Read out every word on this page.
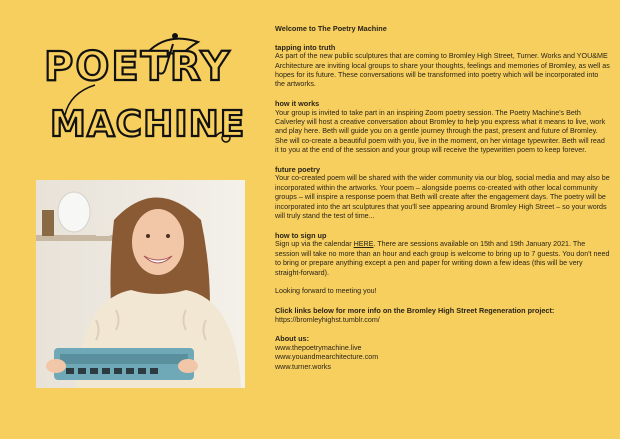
POETRY
MACHINE
Welcome to The Poetry Machine
tapping into truth

As part of the new public sculptures that are coming to Bromley High Street, Turner. Works and YOU&ME Architecture are inviting local groups to share your thoughts, feelings and memories of Bromley, as well as hopes for its future. These conversations will be transformed into poetry which will be incorporated into the artworks.

how it works

Your group is invited to take part in an inspiring Zoom poetry session. The Poetry Machine's Beth Calverley will host a creative conversation about Bromley to help you express what it means to live, work and play here. Beth will guide you on a gentle journey through the past, present and future of Bromley. She will co-create a beautiful poem with you, live in the moment, on her vintage typewriter. Beth will read it to you at the end of the session and your group will receive the typewritten poem to keep forever.

future poetry

Your co-created poem will be shared with the wider community via our blog, social media and may also be incorporated within the artworks. Your poem – alongside poems co-created with other local community groups – will inspire a response poem that Beth will create after the engagement days. The poetry will be incorporated into the art sculptures that you'll see appearing around Bromley High Street – so your words will truly stand the test of time...

how to sign up

Sign up via the calendar HERE. There are sessions available on 15th and 19th January 2021. The session will take no more than an hour and each group is welcome to bring up to 7 guests. You don't need to bring or prepare anything except a pen and paper for writing down a few ideas (this will be very straight-forward).

Looking forward to meeting you!

Click links below for more info on the Bromley High Street Regeneration project:

https://bromleyhighst.tumblr.com/

About us:

www.thepoetrymachine.live

www.youandmearchitecture.com

www.turner.works
